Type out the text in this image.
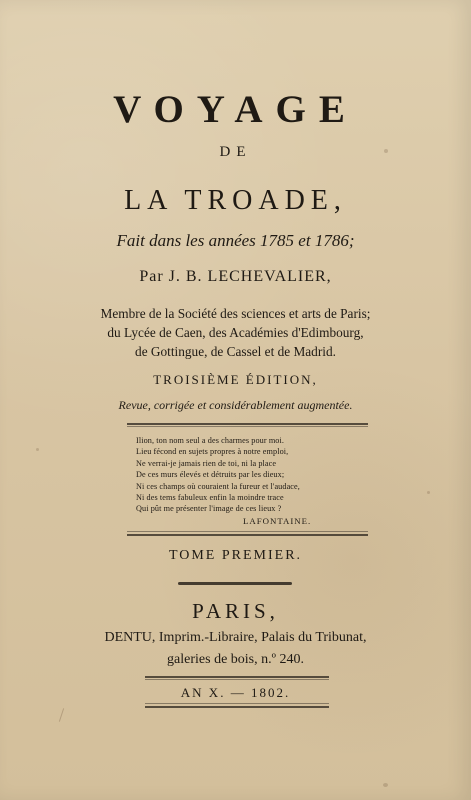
VOYAGE
DE
LA TROADE,
Fait dans les années 1785 et 1786;
Par J. B. LECHEVALIER,
Membre de la Société des sciences et arts de Paris;
du Lycée de Caen, des Académies d'Edimbourg,
de Gottingue, de Cassel et de Madrid.
TROISIÈME ÉDITION,
Revue, corrigée et considérablement augmentée.
Ilion, ton nom seul a des charmes pour moi.
Lieu fécond en sujets propres à notre emploi,
Ne verrai-je jamais rien de toi, ni la place
De ces murs élevés et détruits par les dieux;
Ni ces champs où couraient la fureur et l'audace,
Ni des tems fabuleux enfin la moindre trace
Qui pût me présenter l'image de ces lieux ?
LAFONTAINE.
TOME PREMIER.
PARIS,
DENTU, Imprim.-Libraire, Palais du Tribunat,
galeries de bois, n.º 240.
AN X. — 1802.
